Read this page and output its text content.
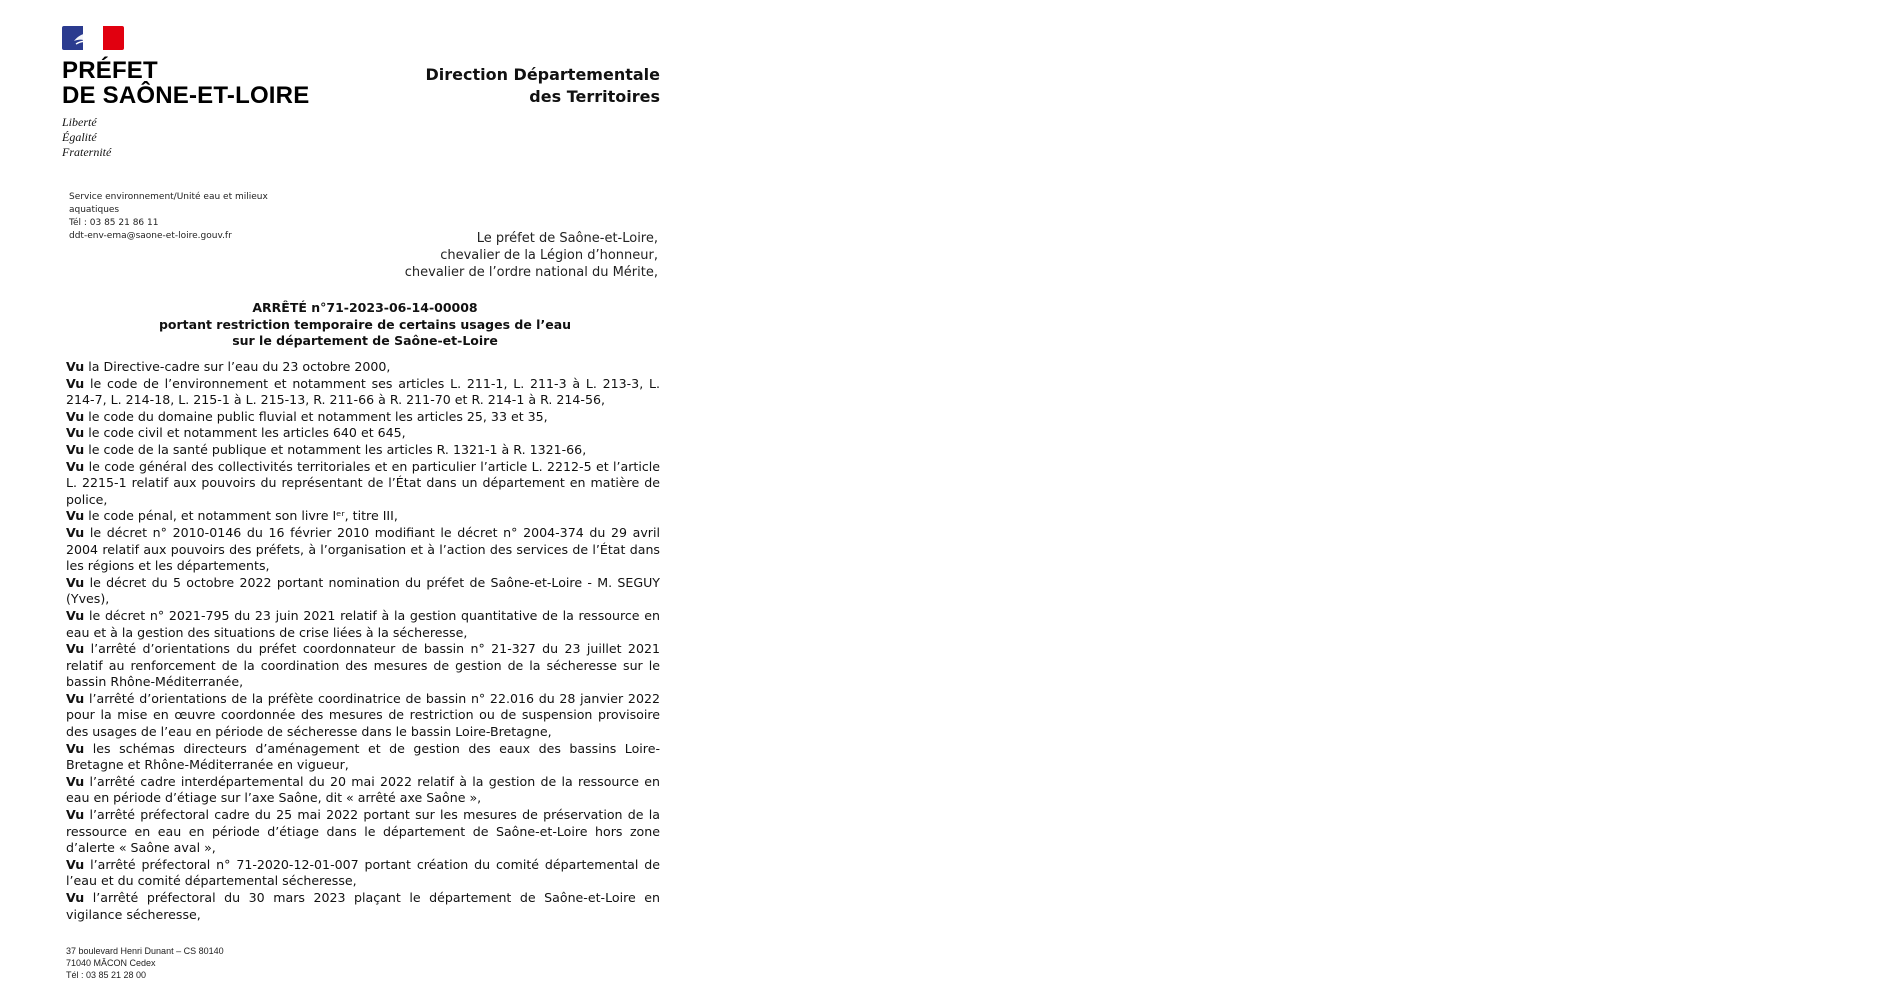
PRÉFET
DE SAÔNE-ET-LOIRE
Liberté
Égalité
Fraternité
Direction Départementale
des Territoires
Service environnement/Unité eau et milieux
aquatiques
Tél : 03 85 21 86 11
ddt-env-ema@saone-et-loire.gouv.fr	Le préfet de Saône-et-Loire,
chevalier de la Légion d’honneur,
chevalier de l’ordre national du Mérite,
ARRÊTÉ n°71-2023-06-14-00008
portant restriction temporaire de certains usages de l’eau
sur le département de Saône-et-Loire

Vu la Directive-cadre sur l’eau du 23 octobre 2000,

Vu le code de l’environnement et notamment ses articles L. 211-1, L. 211-3 à L. 213-3, L. 214-7, L. 214-18, L. 215-1 à L. 215-13, R. 211-66 à R. 211-70 et R. 214-1 à R. 214-56,

Vu le code du domaine public fluvial et notamment les articles 25, 33 et 35,

Vu le code civil et notamment les articles 640 et 645,

Vu le code de la santé publique et notamment les articles R. 1321-1 à R. 1321-66,

Vu le code général des collectivités territoriales et en particulier l’article L. 2212-5 et l’article L. 2215-1 relatif aux pouvoirs du représentant de l’État dans un département en matière de police,

Vu le code pénal, et notamment son livre Iᵉʳ, titre III,

Vu le décret n° 2010-0146 du 16 février 2010 modifiant le décret n° 2004-374 du 29 avril 2004 relatif aux pouvoirs des préfets, à l’organisation et à l’action des services de l’État dans les régions et les départements,

Vu le décret du 5 octobre 2022 portant nomination du préfet de Saône-et-Loire - M. SEGUY (Yves),

Vu le décret n° 2021-795 du 23 juin 2021 relatif à la gestion quantitative de la ressource en eau et à la gestion des situations de crise liées à la sécheresse,

Vu l’arrêté d’orientations du préfet coordonnateur de bassin n° 21-327 du 23 juillet 2021 relatif au renforcement de la coordination des mesures de gestion de la sécheresse sur le bassin Rhône-Méditerranée,

Vu l’arrêté d’orientations de la préfète coordinatrice de bassin n° 22.016 du 28 janvier 2022 pour la mise en œuvre coordonnée des mesures de restriction ou de suspension provisoire des usages de l’eau en période de sécheresse dans le bassin Loire-Bretagne,

Vu les schémas directeurs d’aménagement et de gestion des eaux des bassins Loire-Bretagne et Rhône-Méditerranée en vigueur,

Vu l’arrêté cadre interdépartemental du 20 mai 2022 relatif à la gestion de la ressource en eau en période d’étiage sur l’axe Saône, dit « arrêté axe Saône »,

Vu l’arrêté préfectoral cadre du 25 mai 2022 portant sur les mesures de préservation de la ressource en eau en période d’étiage dans le département de Saône-et-Loire hors zone d’alerte « Saône aval »,

Vu l’arrêté préfectoral n° 71-2020-12-01-007 portant création du comité départemental de l’eau et du comité départemental sécheresse,

Vu l’arrêté préfectoral du 30 mars 2023 plaçant le département de Saône-et-Loire en vigilance sécheresse,

37 boulevard Henri Dunant – CS 80140
71040 MÂCON Cedex
Tél : 03 85 21 28 00
